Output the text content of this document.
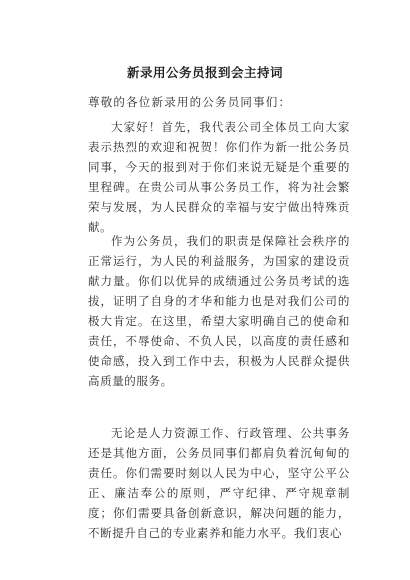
新录用公务员报到会主持词
尊敬的各位新录用的公务员同事们：

大家好！首先，我代表公司全体员工向大家表示热烈的欢迎和祝贺！你们作为新一批公务员同事，今天的报到对于你们来说无疑是个重要的里程碑。在贵公司从事公务员工作，将为社会繁荣与发展，为人民群众的幸福与安宁做出特殊贡献。

作为公务员，我们的职责是保障社会秩序的正常运行，为人民的利益服务，为国家的建设贡献力量。你们以优异的成绩通过公务员考试的选拔，证明了自身的才华和能力也是对我们公司的极大肯定。在这里，希望大家明确自己的使命和责任，不辱使命、不负人民，以高度的责任感和使命感，投入到工作中去，积极为人民群众提供高质量的服务。

无论是人力资源工作、行政管理、公共事务还是其他方面，公务员同事们都肩负着沉甸甸的责任。你们需要时刻以人民为中心，坚守公平公正、廉洁奉公的原则，严守纪律、严守规章制度；你们需要具备创新意识，解决问题的能力，不断提升自己的专业素养和能力水平。我们衷心
